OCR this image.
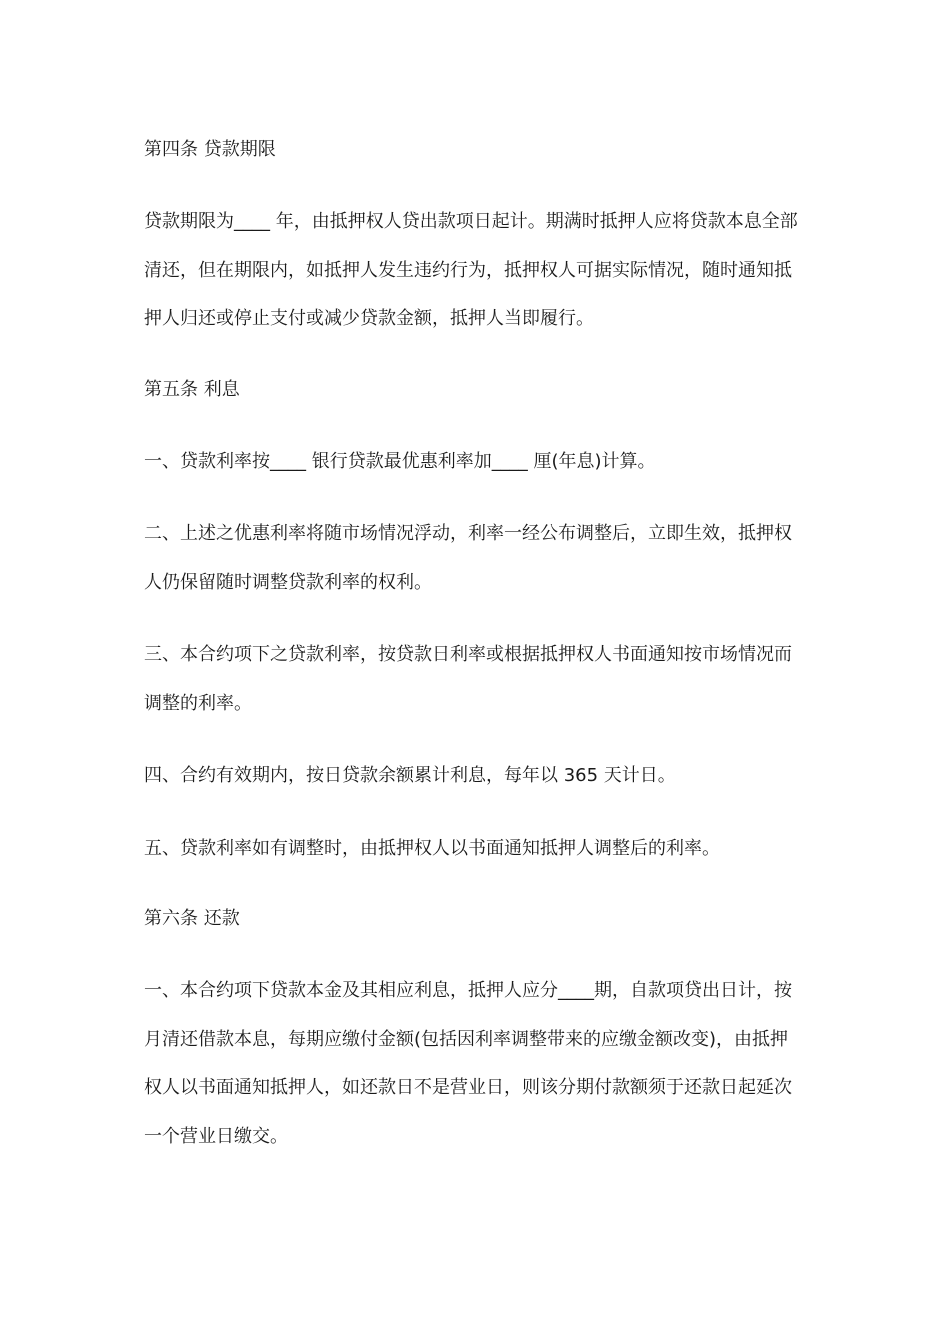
第四条 贷款期限
贷款期限为____ 年，由抵押权人贷出款项日起计。期满时抵押人应将贷款本息全部清还，但在期限内，如抵押人发生违约行为，抵押权人可据实际情况，随时通知抵押人归还或停止支付或减少贷款金额，抵押人当即履行。
第五条 利息
一、贷款利率按____ 银行贷款最优惠利率加____ 厘(年息)计算。
二、上述之优惠利率将随市场情况浮动，利率一经公布调整后，立即生效，抵押权人仍保留随时调整贷款利率的权利。
三、本合约项下之贷款利率，按贷款日利率或根据抵押权人书面通知按市场情况而调整的利率。
四、合约有效期内，按日贷款余额累计利息，每年以 365 天计日。
五、贷款利率如有调整时，由抵押权人以书面通知抵押人调整后的利率。
第六条 还款
一、本合约项下贷款本金及其相应利息，抵押人应分____期，自款项贷出日计，按月清还借款本息，每期应缴付金额(包括因利率调整带来的应缴金额改变)，由抵押权人以书面通知抵押人，如还款日不是营业日，则该分期付款额须于还款日起延次一个营业日缴交。
